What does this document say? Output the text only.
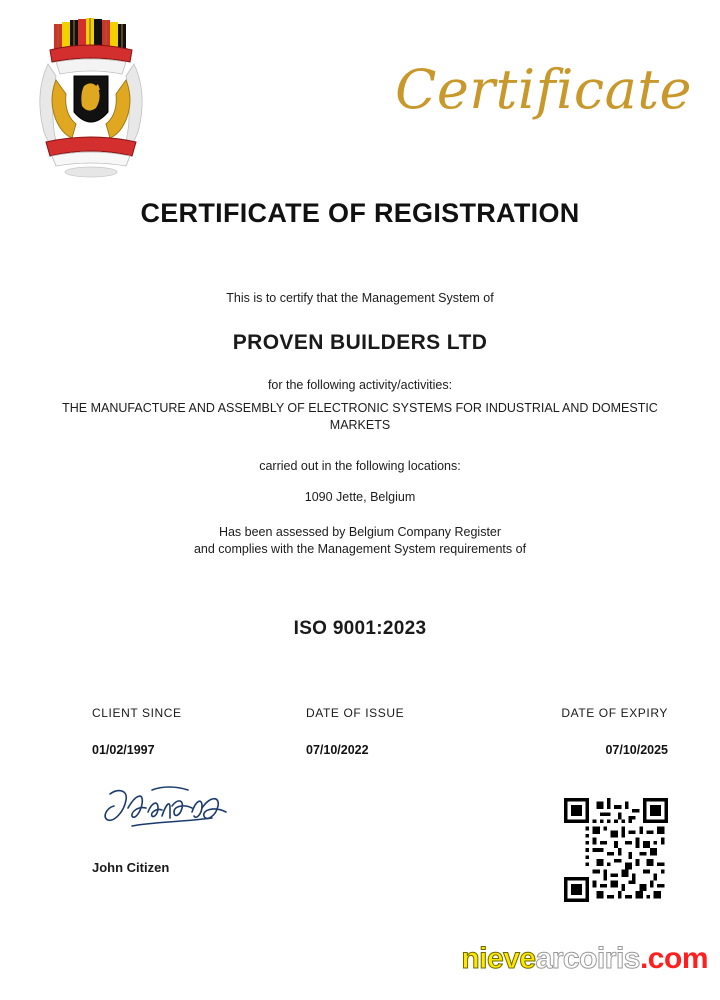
Certificate
CERTIFICATE OF REGISTRATION
This is to certify that the Management System of
PROVEN BUILDERS LTD
for the following activity/activities:
THE MANUFACTURE AND ASSEMBLY OF ELECTRONIC SYSTEMS FOR INDUSTRIAL AND DOMESTIC
MARKETS
carried out in the following locations:
1090 Jette, Belgium
Has been assessed by Belgium Company Register
and complies with the Management System requirements of
ISO 9001:2023
CLIENT SINCE
01/02/1997
DATE OF ISSUE
07/10/2022
DATE OF EXPIRY
07/10/2025
John Citizen
nievearcoiris.com
